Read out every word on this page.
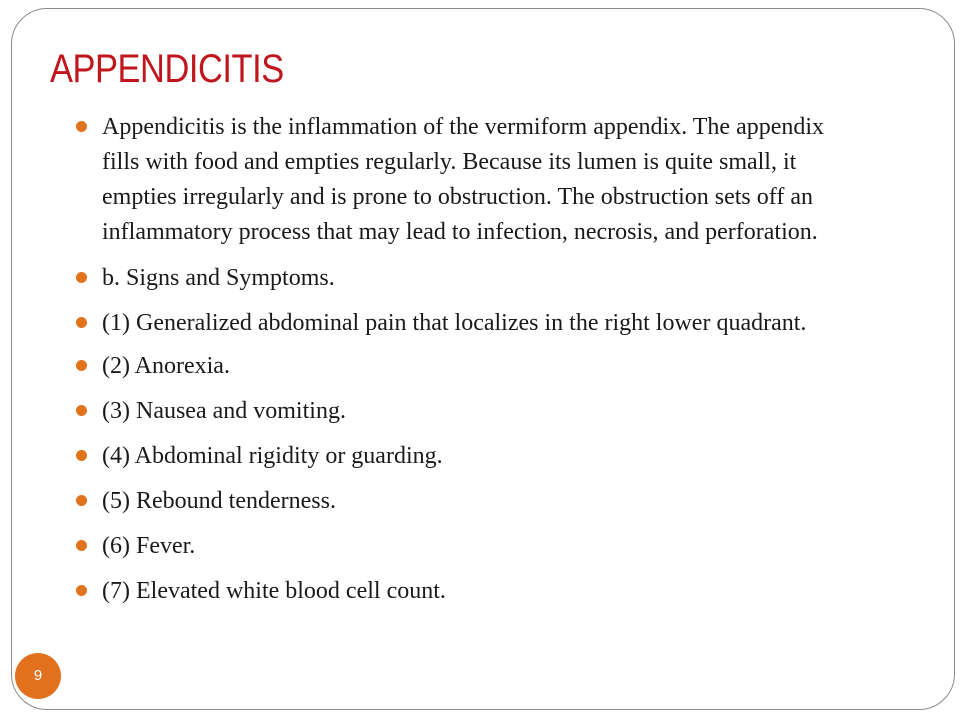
APPENDICITIS
Appendicitis is the inflammation of the vermiform appendix. The appendix fills with food and empties regularly. Because its lumen is quite small, it empties irregularly and is prone to obstruction. The obstruction sets off an inflammatory process that may lead to infection, necrosis, and perforation.
b. Signs and Symptoms.
(1) Generalized abdominal pain that localizes in the right lower quadrant.
(2) Anorexia.
(3) Nausea and vomiting.
(4) Abdominal rigidity or guarding.
(5) Rebound tenderness.
(6) Fever.
(7) Elevated white blood cell count.
9
